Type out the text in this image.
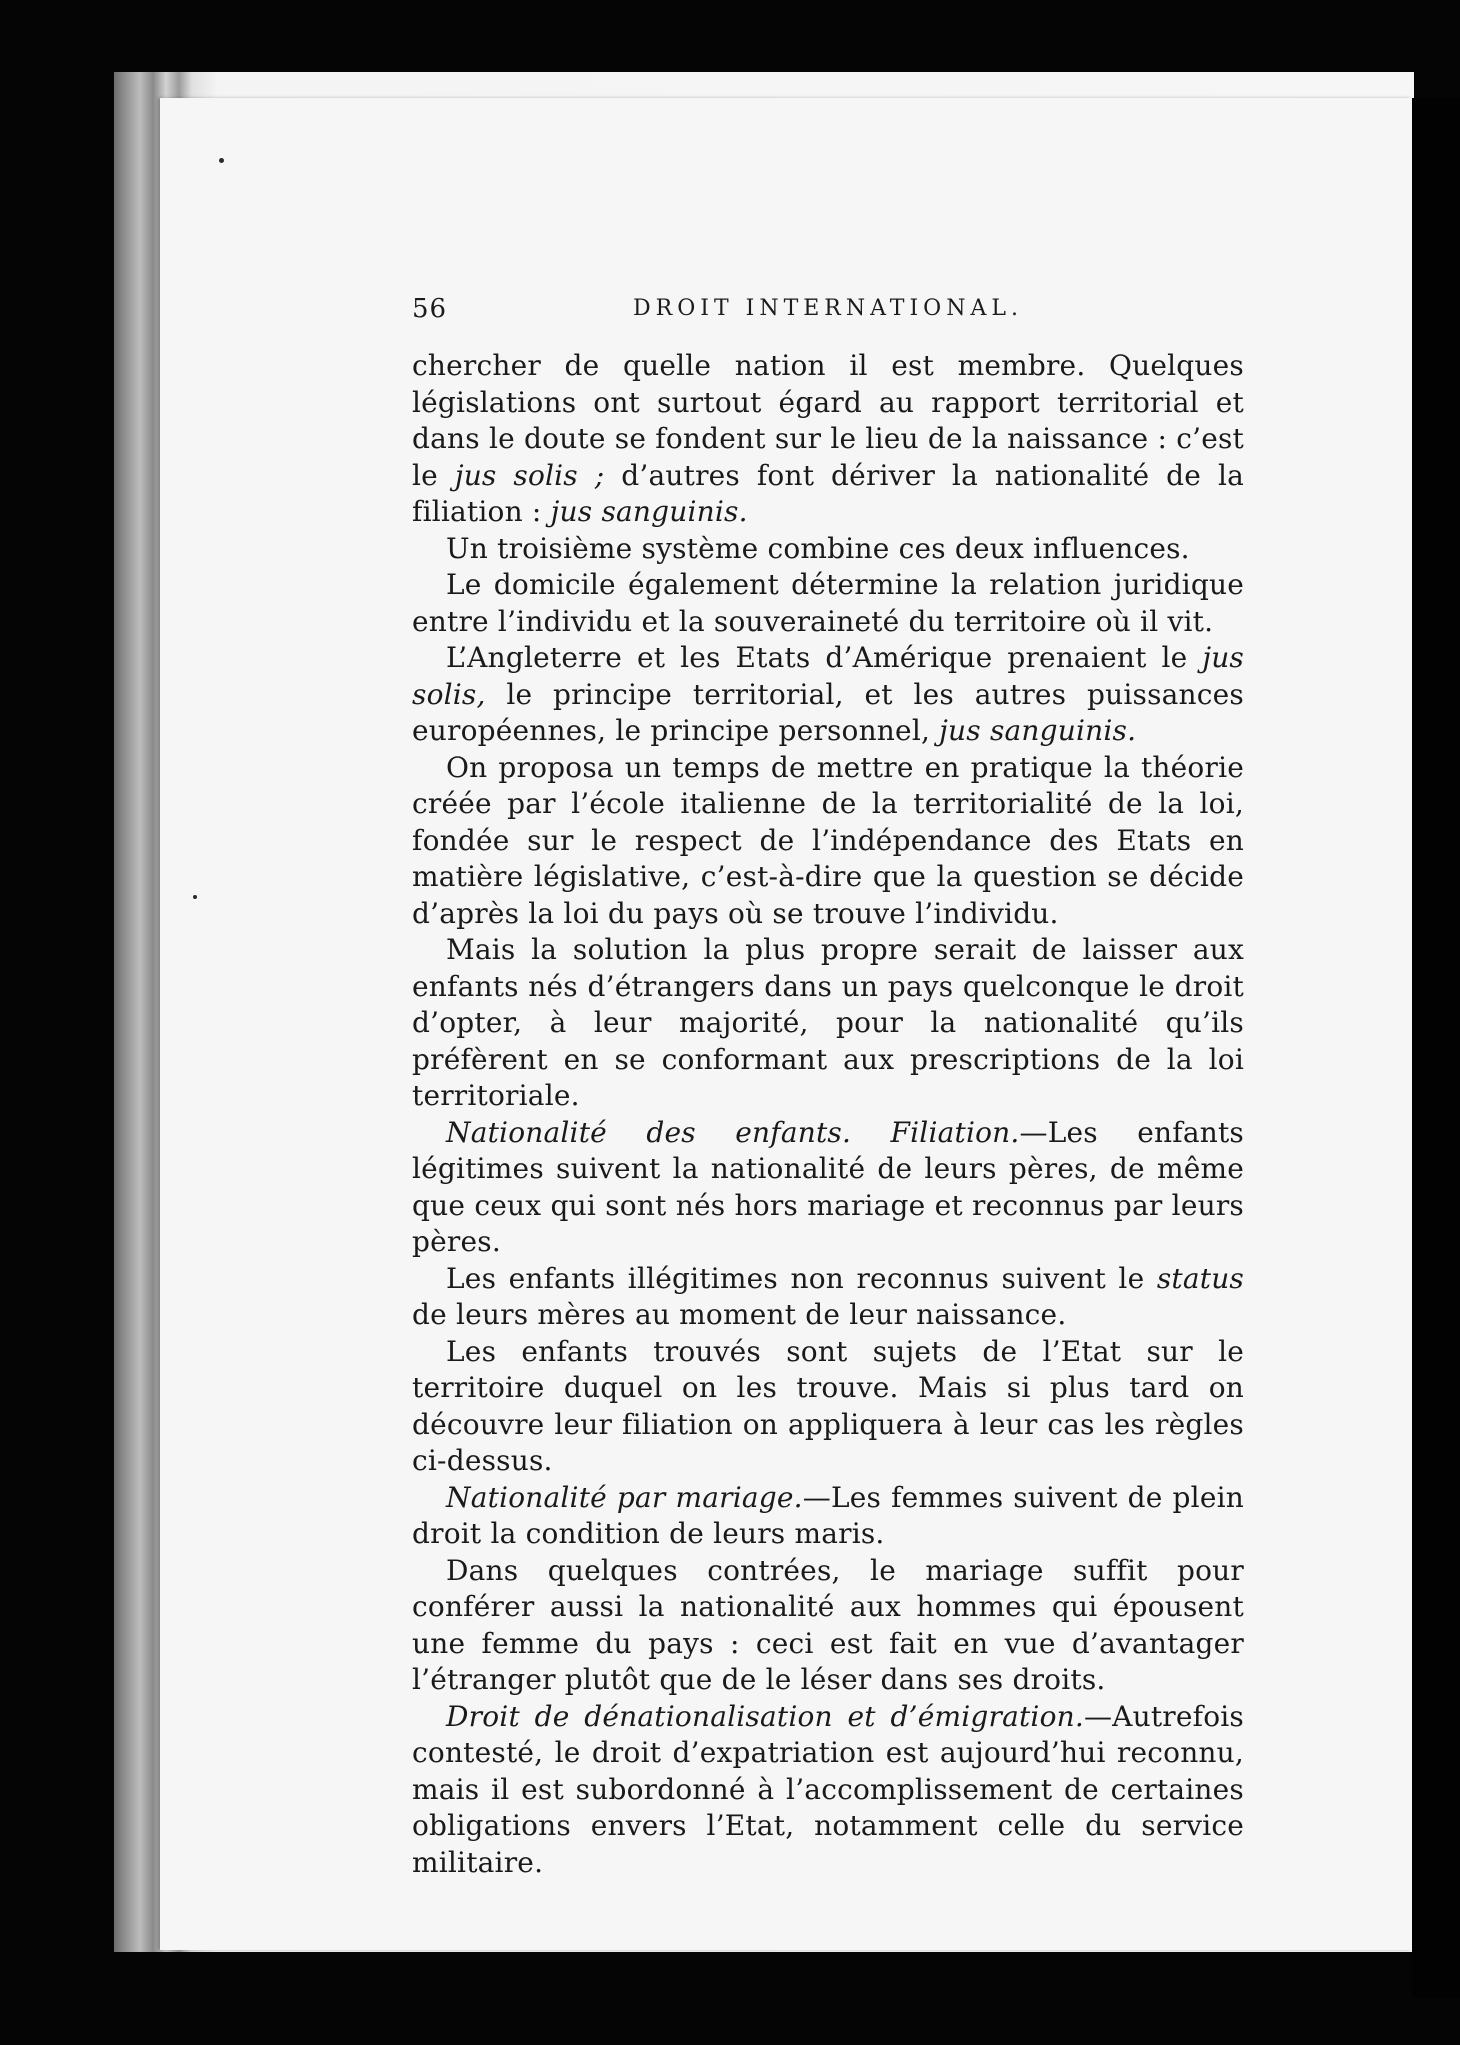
56	DROIT INTERNATIONAL.

chercher de quelle nation il est membre. Quelques législations ont surtout égard au rapport territorial et dans le doute se fondent sur le lieu de la naissance : c’est le jus solis ; d’autres font dériver la nationalité de la filiation : jus sanguinis.

Un troisième système combine ces deux influences.

Le domicile également détermine la relation juridique entre l’individu et la souveraineté du territoire où il vit.

L’Angleterre et les Etats d’Amérique prenaient le jus solis, le principe territorial, et les autres puissances européennes, le principe personnel, jus sanguinis.

On proposa un temps de mettre en pratique la théorie créée par l’école italienne de la territorialité de la loi, fondée sur le respect de l’indépendance des Etats en matière législative, c’est-à-dire que la question se décide d’après la loi du pays où se trouve l’individu.

Mais la solution la plus propre serait de laisser aux enfants nés d’étrangers dans un pays quelconque le droit d’opter, à leur majorité, pour la nationalité qu’ils préfèrent en se conformant aux prescriptions de la loi territoriale.

Nationalité des enfants. Filiation.—Les enfants légitimes suivent la nationalité de leurs pères, de même que ceux qui sont nés hors mariage et reconnus par leurs pères.

Les enfants illégitimes non reconnus suivent le status de leurs mères au moment de leur naissance.

Les enfants trouvés sont sujets de l’Etat sur le territoire duquel on les trouve. Mais si plus tard on découvre leur filiation on appliquera à leur cas les règles ci-dessus.

Nationalité par mariage.—Les femmes suivent de plein droit la condition de leurs maris.

Dans quelques contrées, le mariage suffit pour conférer aussi la nationalité aux hommes qui épousent une femme du pays : ceci est fait en vue d’avantager l’étranger plutôt que de le léser dans ses droits.

Droit de dénationalisation et d’émigration.—Autrefois contesté, le droit d’expatriation est aujourd’hui reconnu, mais il est subordonné à l’accomplissement de certaines obligations envers l’Etat, notamment celle du service militaire.
